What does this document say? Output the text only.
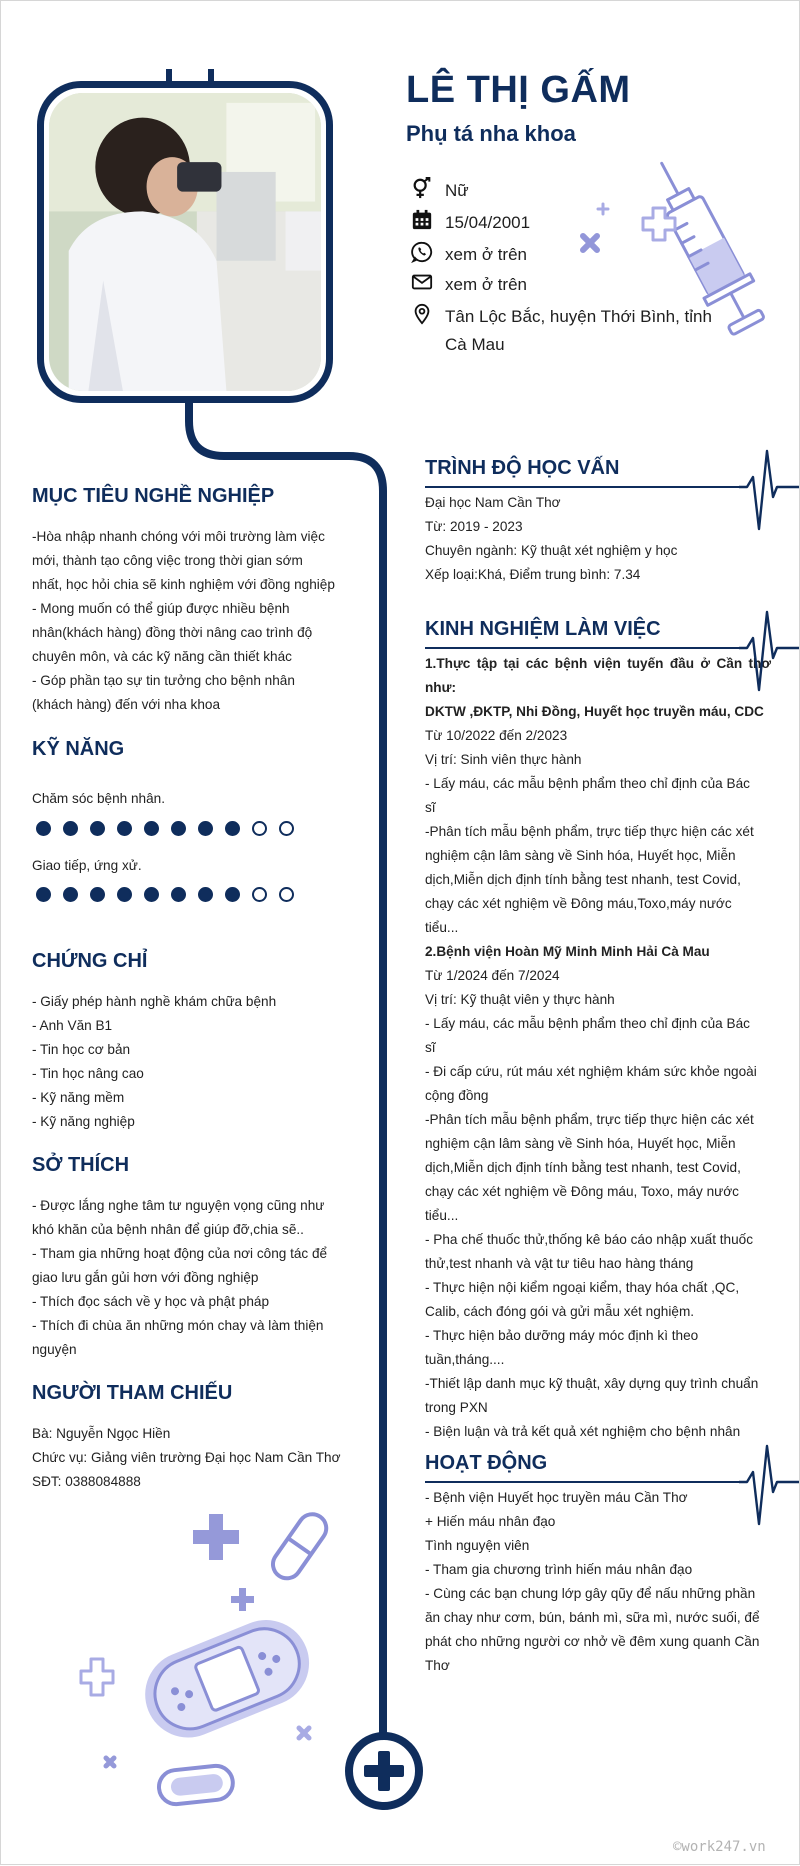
LÊ THỊ GẤM
Phụ tá nha khoa
Nữ
15/04/2001
xem ở trên
xem ở trên
Tân Lộc Bắc, huyện Thới Bình, tỉnh
Cà Mau
MỤC TIÊU NGHỀ NGHIỆP

-Hòa nhập nhanh chóng với môi trường làm việc

mới, thành tạo công việc trong thời gian sớm

nhất, học hỏi chia sẽ kinh nghiệm với đồng nghiệp

- Mong muốn có thể giúp được nhiều bệnh

nhân(khách hàng) đồng thời nâng cao trình độ

chuyên môn, và các kỹ năng cần thiết khác

- Góp phần tạo sự tin tưởng cho bệnh nhân

(khách hàng) đến với nha khoa

KỸ NĂNG
Chăm sóc bệnh nhân.
Giao tiếp, ứng xử.
CHỨNG CHỈ

- Giấy phép hành nghề khám chữa bệnh

- Anh Văn B1

- Tin học cơ bản

- Tin học nâng cao

- Kỹ năng mềm

- Kỹ năng nghiệp

SỞ THÍCH

- Được lắng nghe tâm tư nguyện vọng cũng như

khó khăn của bệnh nhân để giúp đỡ,chia sẽ..

- Tham gia những hoạt động của nơi công tác để

giao lưu gắn gủi hơn với đồng nghiệp

- Thích đọc sách về y học và phật pháp

- Thích đi chùa ăn những món chay và làm thiện

nguyện

NGƯỜI THAM CHIẾU

Bà: Nguyễn Ngọc Hiền

Chức vụ: Giảng viên trường Đại học Nam Cần Thơ

SĐT: 0388084888

TRÌNH ĐỘ HỌC VẤN

Đại học Nam Cần Thơ

Từ: 2019 - 2023

Chuyên ngành: Kỹ thuật xét nghiệm y học

Xếp loại:Khá, Điểm trung bình: 7.34

KINH NGHIỆM LÀM VIỆC

1.Thực tập tại các bệnh viện tuyến đầu ở Cần thơ như:

DKTW ,ĐKTP, Nhi Đồng, Huyết học truyền máu, CDC

Từ 10/2022 đến 2/2023

Vị trí: Sinh viên thực hành

- Lấy máu, các mẫu bệnh phẩm theo chỉ định của Bác

sĩ

-Phân tích mẫu bệnh phẩm, trực tiếp thực hiện các xét

nghiệm cận lâm sàng về Sinh hóa, Huyết học, Miễn

dịch,Miễn dịch định tính bằng test nhanh, test Covid,

chạy các xét nghiệm về Đông máu,Toxo,máy nước

tiểu...

2.Bệnh viện Hoàn Mỹ Minh Minh Hải Cà Mau

Từ 1/2024 đến 7/2024

Vị trí: Kỹ thuật viên y thực hành

- Lấy máu, các mẫu bệnh phẩm theo chỉ định của Bác

sĩ

- Đi cấp cứu, rút máu xét nghiệm khám sức khỏe ngoài

cộng đồng

-Phân tích mẫu bệnh phẩm, trực tiếp thực hiện các xét

nghiệm cận lâm sàng về Sinh hóa, Huyết học, Miễn

dịch,Miễn dịch định tính bằng test nhanh, test Covid,

chạy các xét nghiệm về Đông máu, Toxo, máy nước

tiểu...

- Pha chế thuốc thử,thống kê báo cáo nhập xuất thuốc

thử,test nhanh và vật tư tiêu hao hàng tháng

- Thực hiện nội kiểm ngoại kiểm, thay hóa chất ,QC,

Calib, cách đóng gói và gửi mẫu xét nghiệm.

- Thực hiện bảo dưỡng máy móc định kì theo

tuần,tháng....

-Thiết lập danh mục kỹ thuật, xây dựng quy trình chuẩn

trong PXN

- Biện luận và trả kết quả xét nghiệm cho bệnh nhân

HOẠT ĐỘNG

- Bệnh viện Huyết học truyền máu Cần Thơ

+ Hiến máu nhân đạo

Tình nguyện viên

- Tham gia chương trình hiến máu nhân đạo

- Cùng các bạn chung lớp gây qũy để nấu những phần

ăn chay như cơm, bún, bánh mì, sữa mì, nước suối, để

phát cho những người cơ nhở về đêm xung quanh Cần

Thơ

©work247.vn
